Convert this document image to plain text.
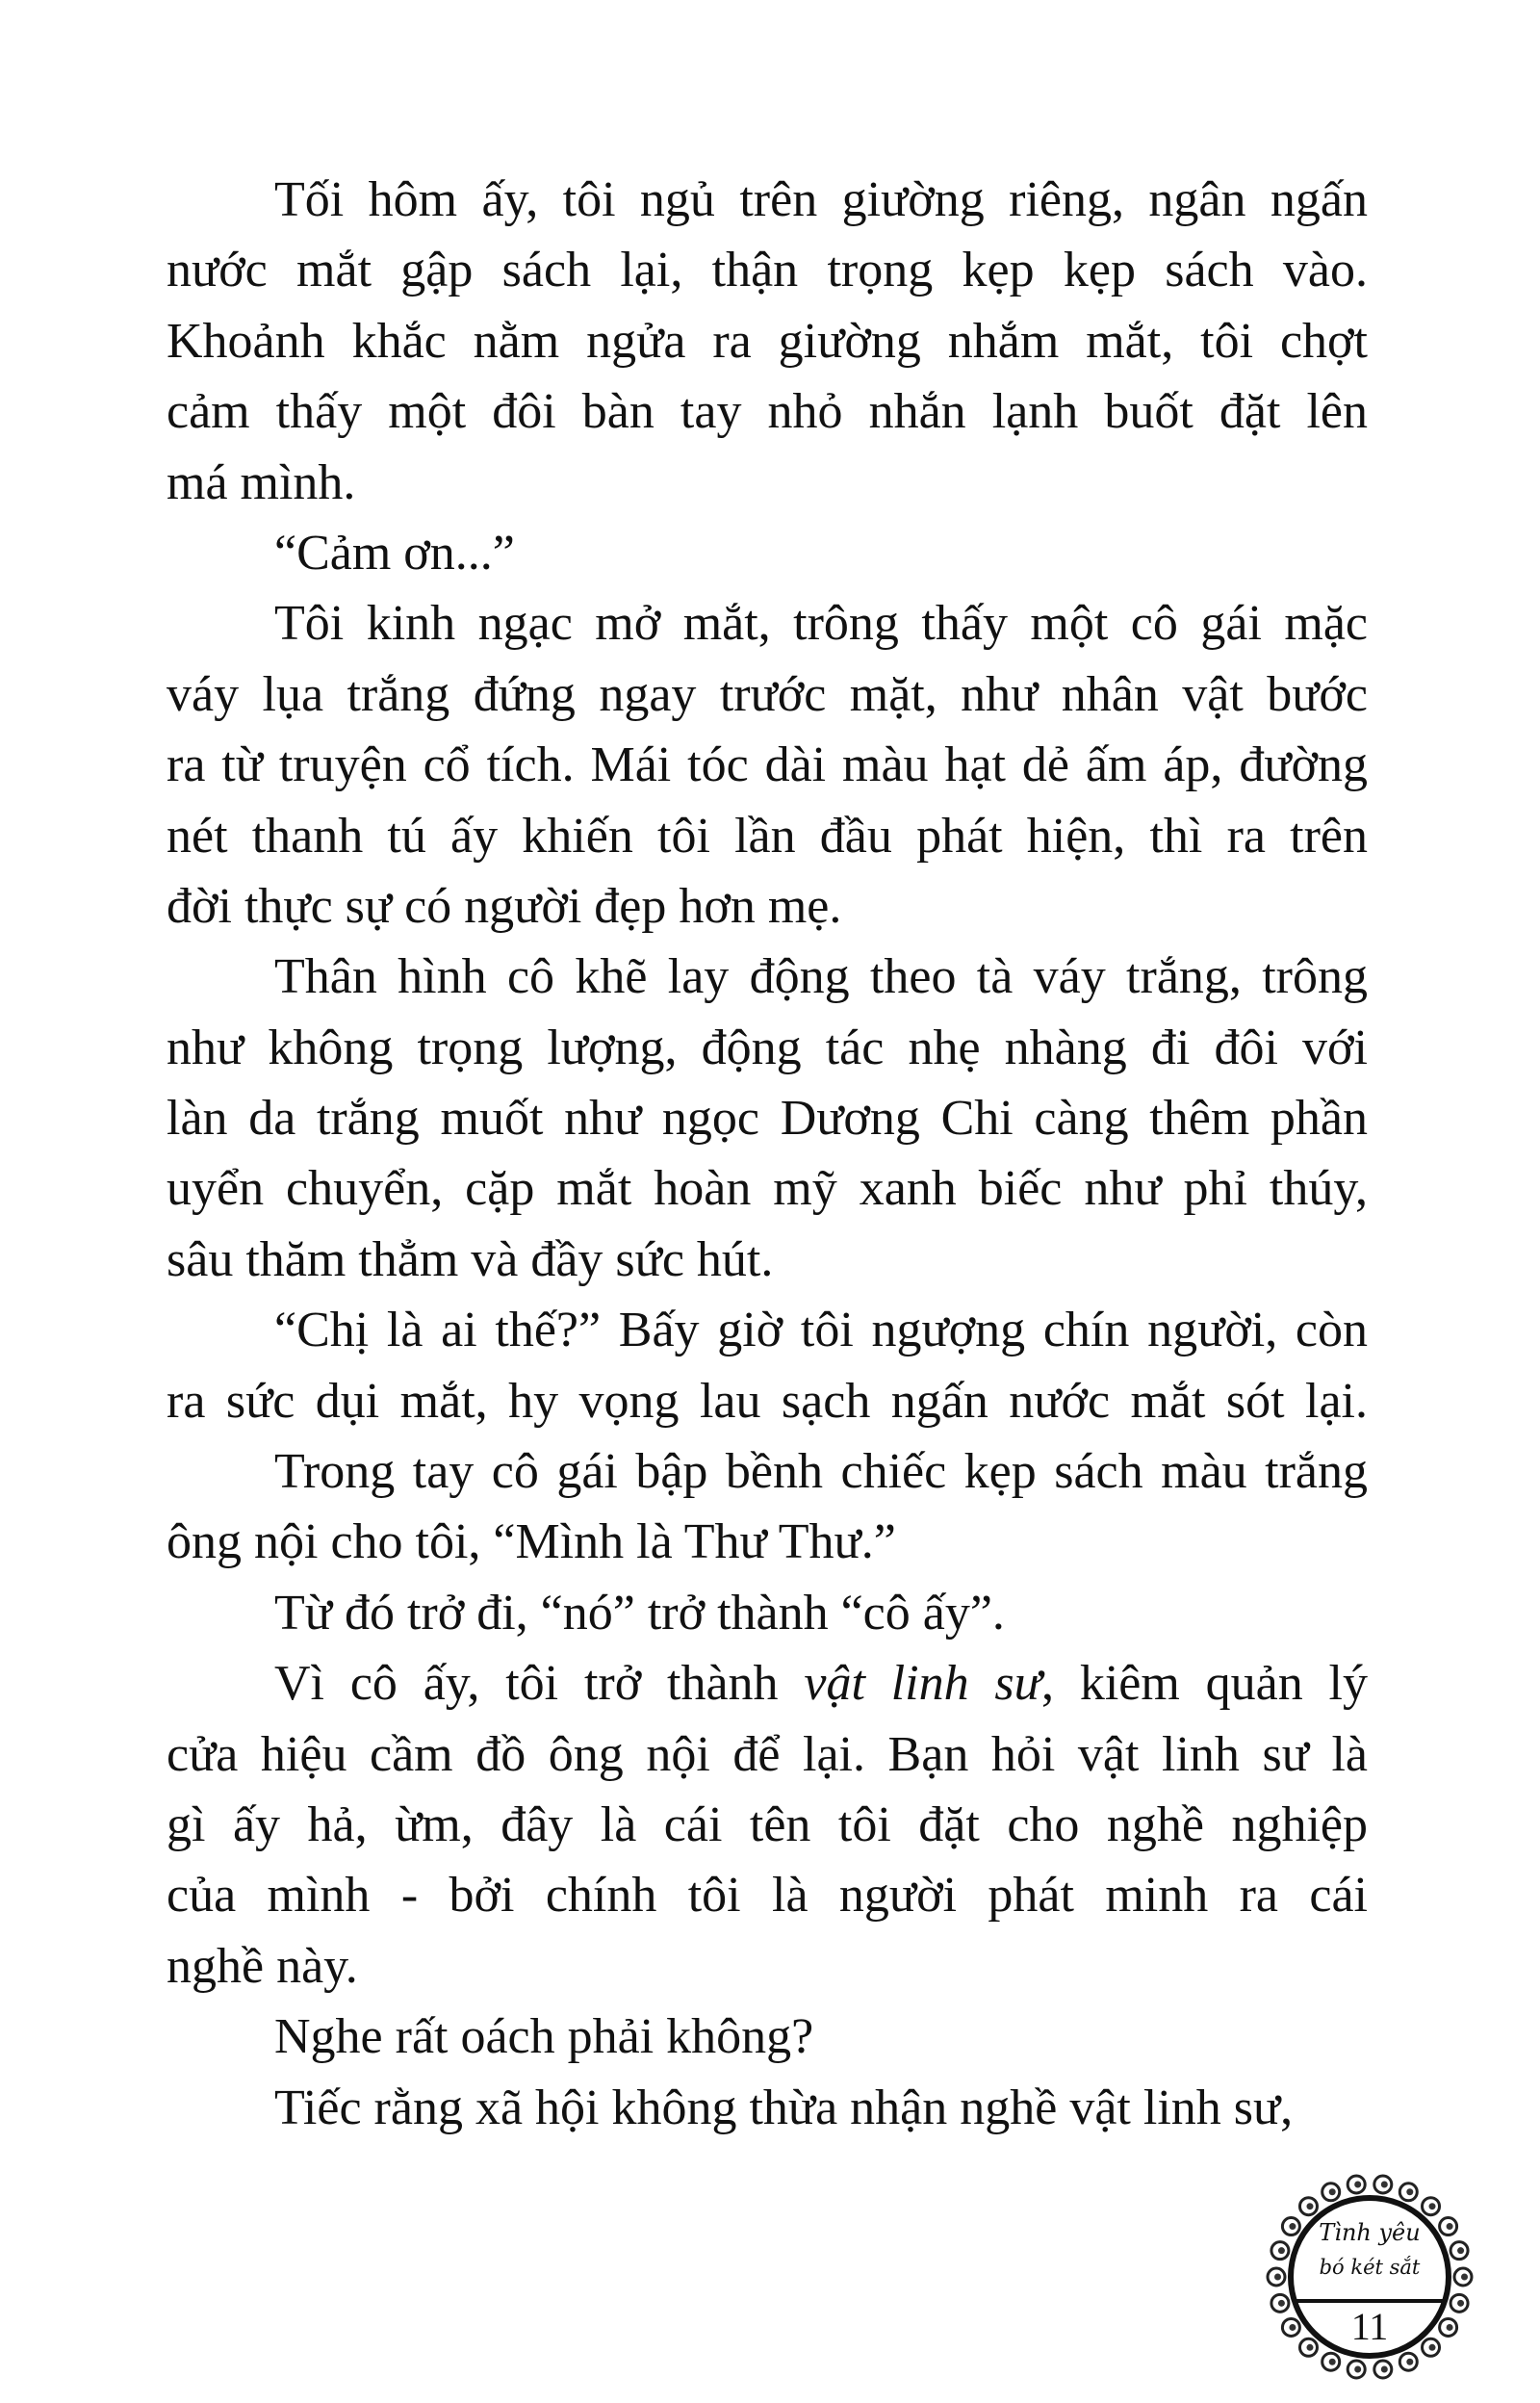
Tối hôm ấy, tôi ngủ trên giường riêng, ngân ngấn
nước mắt gập sách lại, thận trọng kẹp kẹp sách vào.
Khoảnh khắc nằm ngửa ra giường nhắm mắt, tôi chợt
cảm thấy một đôi bàn tay nhỏ nhắn lạnh buốt đặt lên
má mình.
“Cảm ơn...”
Tôi kinh ngạc mở mắt, trông thấy một cô gái mặc
váy lụa trắng đứng ngay trước mặt, như nhân vật bước
ra từ truyện cổ tích. Mái tóc dài màu hạt dẻ ấm áp, đường
nét thanh tú ấy khiến tôi lần đầu phát hiện, thì ra trên
đời thực sự có người đẹp hơn mẹ.
Thân hình cô khẽ lay động theo tà váy trắng, trông
như không trọng lượng, động tác nhẹ nhàng đi đôi với
làn da trắng muốt như ngọc Dương Chi càng thêm phần
uyển chuyển, cặp mắt hoàn mỹ xanh biếc như phỉ thúy,
sâu thăm thẳm và đầy sức hút.
“Chị là ai thế?” Bấy giờ tôi ngượng chín người, còn
ra sức dụi mắt, hy vọng lau sạch ngấn nước mắt sót lại.
Trong tay cô gái bập bềnh chiếc kẹp sách màu trắng
ông nội cho tôi, “Mình là Thư Thư.”
Từ đó trở đi, “nó” trở thành “cô ấy”.
Vì cô ấy, tôi trở thành vật linh sư, kiêm quản lý
cửa hiệu cầm đồ ông nội để lại. Bạn hỏi vật linh sư là
gì ấy hả, ừm, đây là cái tên tôi đặt cho nghề nghiệp
của mình - bởi chính tôi là người phát minh ra cái
nghề này.
Nghe rất oách phải không?
Tiếc rằng xã hội không thừa nhận nghề vật linh sư,
Tình yêu
bó két sắt
11
